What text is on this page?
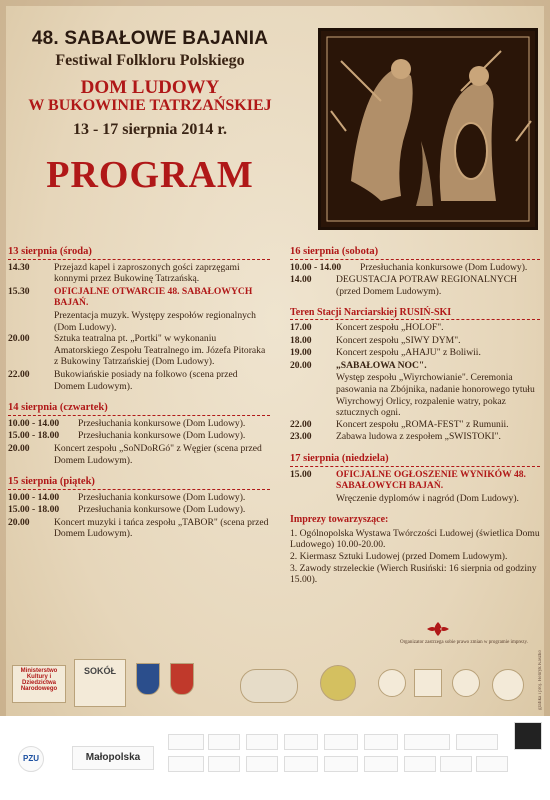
48. SABAŁOWE BAJANIA
Festiwal Folkloru Polskiego
DOM LUDOWY
W BUKOWINIE TATRZAŃSKIEJ
13 - 17 sierpnia 2014 r.
PROGRAM
13 sierpnia (środa)
14.30	Przejazd kapel i zaproszonych gości zaprzęgami konnymi przez Bukowinę Tatrzańską.
15.30	OFICJALNE OTWARCIE 48. SABAŁOWYCH BAJAŃ.
Prezentacja muzyk. Występy zespołów regionalnych (Dom Ludowy).
20.00	Sztuka teatralna pt. „Portki" w wykonaniu Amatorskiego Zespołu Teatralnego im. Józefa Pitoraka z Bukowiny Tatrzańskiej (Dom Ludowy).
22.00	Bukowiańskie posiady na folkowo (scena przed Domem Ludowym).
14 sierpnia (czwartek)
10.00 - 14.00	Przesłuchania konkursowe (Dom Ludowy).
15.00 - 18.00	Przesłuchania konkursowe (Dom Ludowy).
20.00	Koncert zespołu „SoNDoRGó" z Węgier (scena przed Domem Ludowym).
15 sierpnia (piątek)
10.00 - 14.00	Przesłuchania konkursowe (Dom Ludowy).
15.00 - 18.00	Przesłuchania konkursowe (Dom Ludowy).
20.00	Koncert muzyki i tańca zespołu „TABOR" (scena przed Domem Ludowym).
16 sierpnia (sobota)
10.00 - 14.00	Przesłuchania konkursowe (Dom Ludowy).
14.00	DEGUSTACJA POTRAW REGIONALNYCH (przed Domem Ludowym).
Teren Stacji Narciarskiej RUSIŃ-SKI
17.00	Koncert zespołu „HOLOF".
18.00	Koncert zespołu „SIWY DYM".
19.00	Koncert zespołu „AHAJU" z Boliwii.
20.00	„SABAŁOWA NOC".
Występ zespołu „Wiyrchowianie". Ceremonia pasowania na Zbójnika, nadanie honorowego tytułu Wiyrchowyj Orlicy, rozpalenie watry, pokaz sztucznych ogni.
22.00	Koncert zespołu „ROMA-FEST" z Rumunii.
23.00	Zabawa ludowa z zespołem „SWISTOKI".
17 sierpnia (niedziela)
15.00	OFICJALNE OGŁOSZENIE WYNIKÓW 48. SABAŁOWYCH BAJAŃ.
Wręczenie dyplomów i nagród (Dom Ludowy).
Imprezy towarzyszące:
1. Ogólnopolska Wystawa Twórczości Ludowej (świetlica Domu Ludowego) 10.00-20.00.
2. Kiermasz Sztuki Ludowej (przed Domem Ludowym).
3. Zawody strzeleckie (Wierch Rusiński: 16 sierpnia od godziny 15.00).
Organizator zastrzega sobie prawo zmian w programie imprezy.
Ministerstwo Kultury i Dziedzictwa Narodowego
SOKÓŁ	grafika i proj. Henryk Kaszko
PZU	Małopolska
